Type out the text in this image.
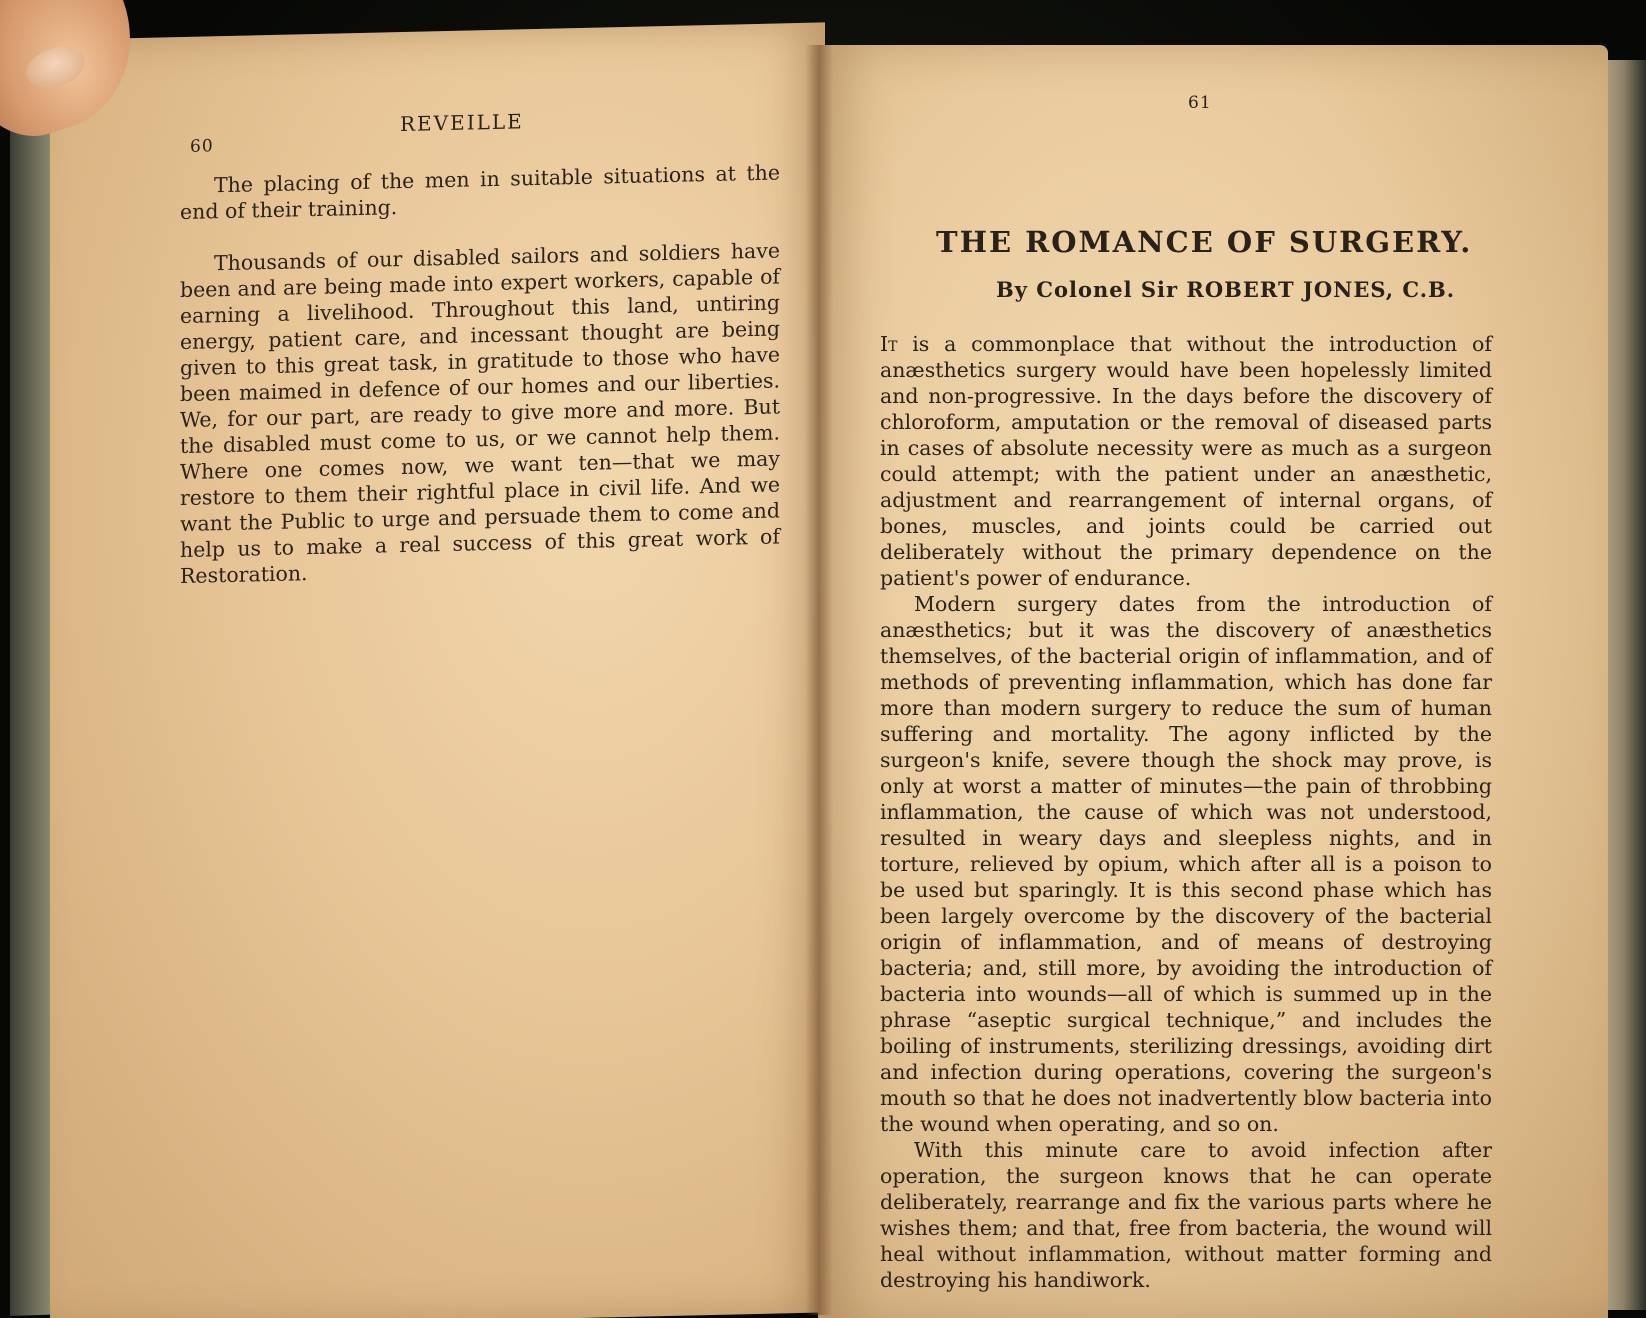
60
REVEILLE

The placing of the men in suitable situations at the end of their training.

Thousands of our disabled sailors and soldiers have been and are being made into expert workers, capable of earning a livelihood. Throughout this land, untiring energy, patient care, and incessant thought are being given to this great task, in gratitude to those who have been maimed in defence of our homes and our liberties. We, for our part, are ready to give more and more. But the disabled must come to us, or we cannot help them. Where one comes now, we want ten—that we may restore to them their rightful place in civil life. And we want the Public to urge and persuade them to come and help us to make a real success of this great work of Restoration.

61
THE ROMANCE OF SURGERY.
By Colonel Sir ROBERT JONES, C.B.

It is a commonplace that without the introduction of anæsthetics surgery would have been hopelessly limited and non-progressive. In the days before the discovery of chloroform, amputation or the removal of diseased parts in cases of absolute necessity were as much as a surgeon could attempt; with the patient under an anæsthetic, adjustment and rearrangement of internal organs, of bones, muscles, and joints could be carried out deliberately without the primary dependence on the patient's power of endurance.

Modern surgery dates from the introduction of anæsthetics; but it was the discovery of anæsthetics themselves, of the bacterial origin of inflammation, and of methods of preventing inflammation, which has done far more than modern surgery to reduce the sum of human suffering and mortality. The agony inflicted by the surgeon's knife, severe though the shock may prove, is only at worst a matter of minutes—the pain of throbbing inflammation, the cause of which was not understood, resulted in weary days and sleepless nights, and in torture, relieved by opium, which after all is a poison to be used but sparingly. It is this second phase which has been largely overcome by the discovery of the bacterial origin of inflammation, and of means of destroying bacteria; and, still more, by avoiding the introduction of bacteria into wounds—all of which is summed up in the phrase “aseptic surgical technique,” and includes the boiling of instruments, sterilizing dressings, avoiding dirt and infection during operations, covering the surgeon's mouth so that he does not inadvertently blow bacteria into the wound when operating, and so on.

With this minute care to avoid infection after operation, the surgeon knows that he can operate deliberately, rearrange and fix the various parts where he wishes them; and that, free from bacteria, the wound will heal without inflammation, without matter forming and destroying his handiwork.
